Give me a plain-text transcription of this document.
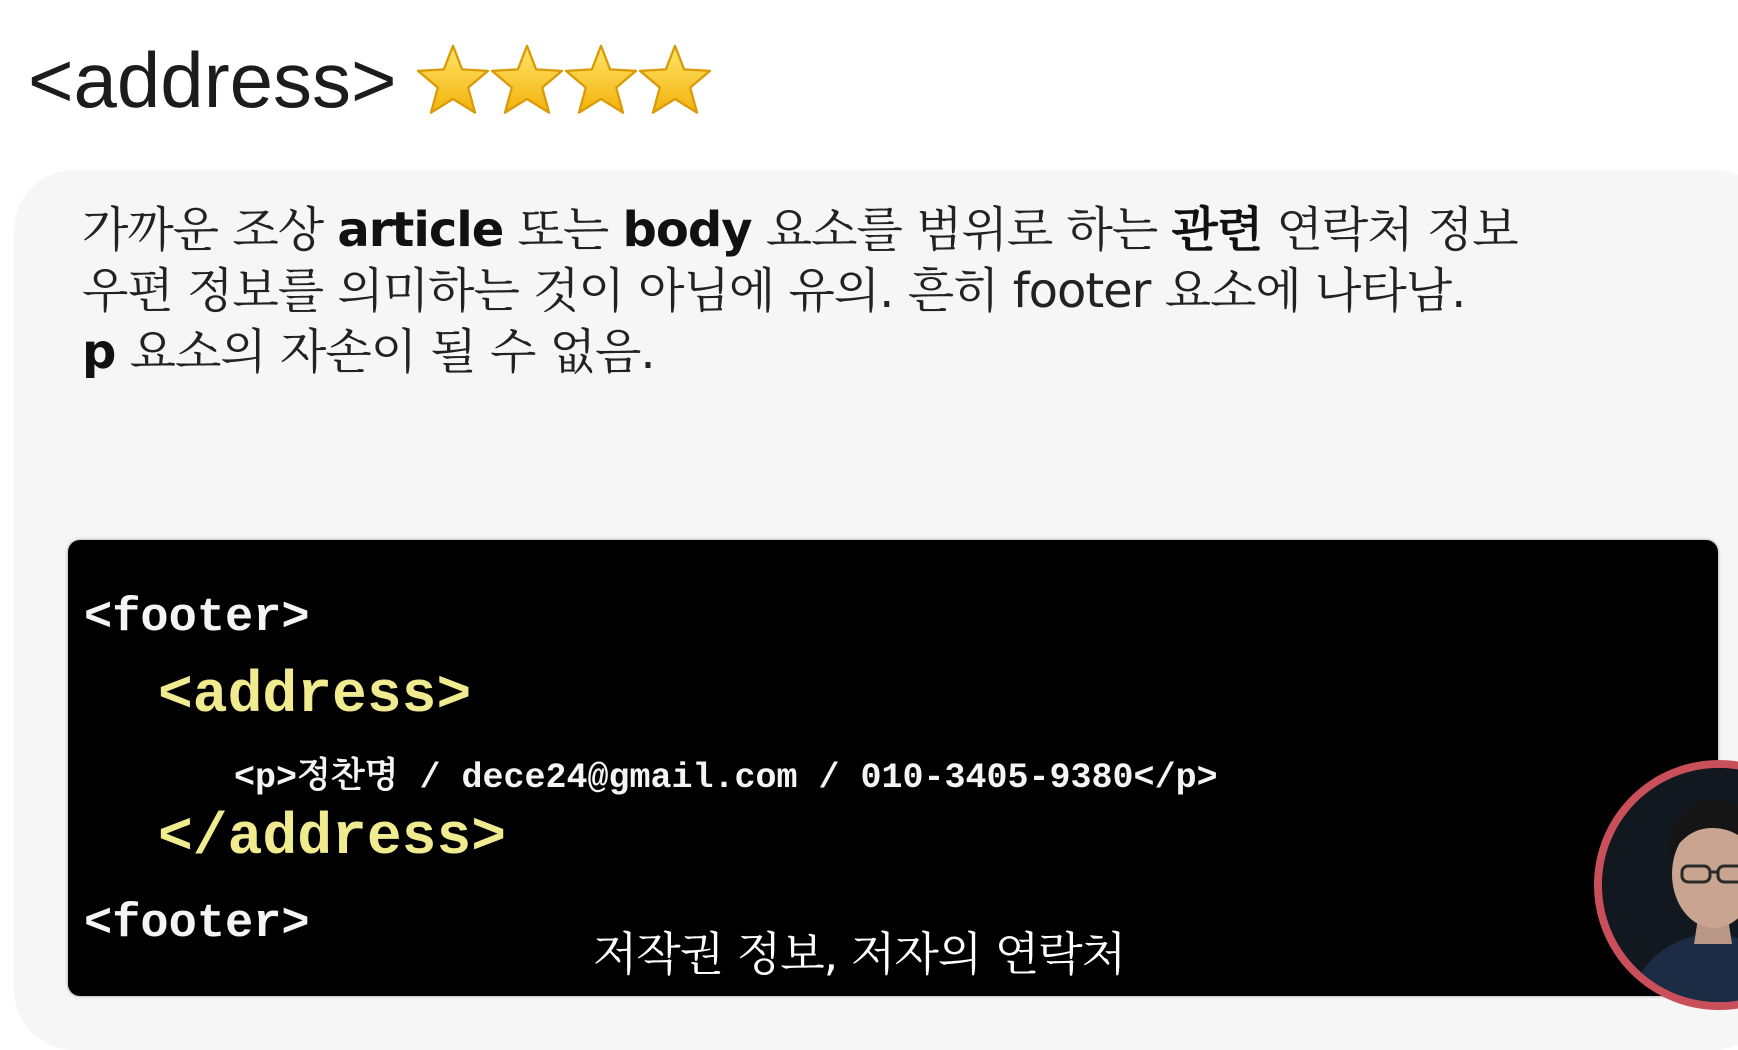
<address>
가까운 조상 article 또는 body 요소를 범위로 하는 관련 연락처 정보
우편 정보를 의미하는 것이 아님에 유의. 흔히 footer 요소에 나타남.
p 요소의 자손이 될 수 없음.
<footer>
<address>
<p>정찬명 / dece24@gmail.com / 010-3405-9380</p>
</address>
<footer>
저작권 정보, 저자의 연락처
